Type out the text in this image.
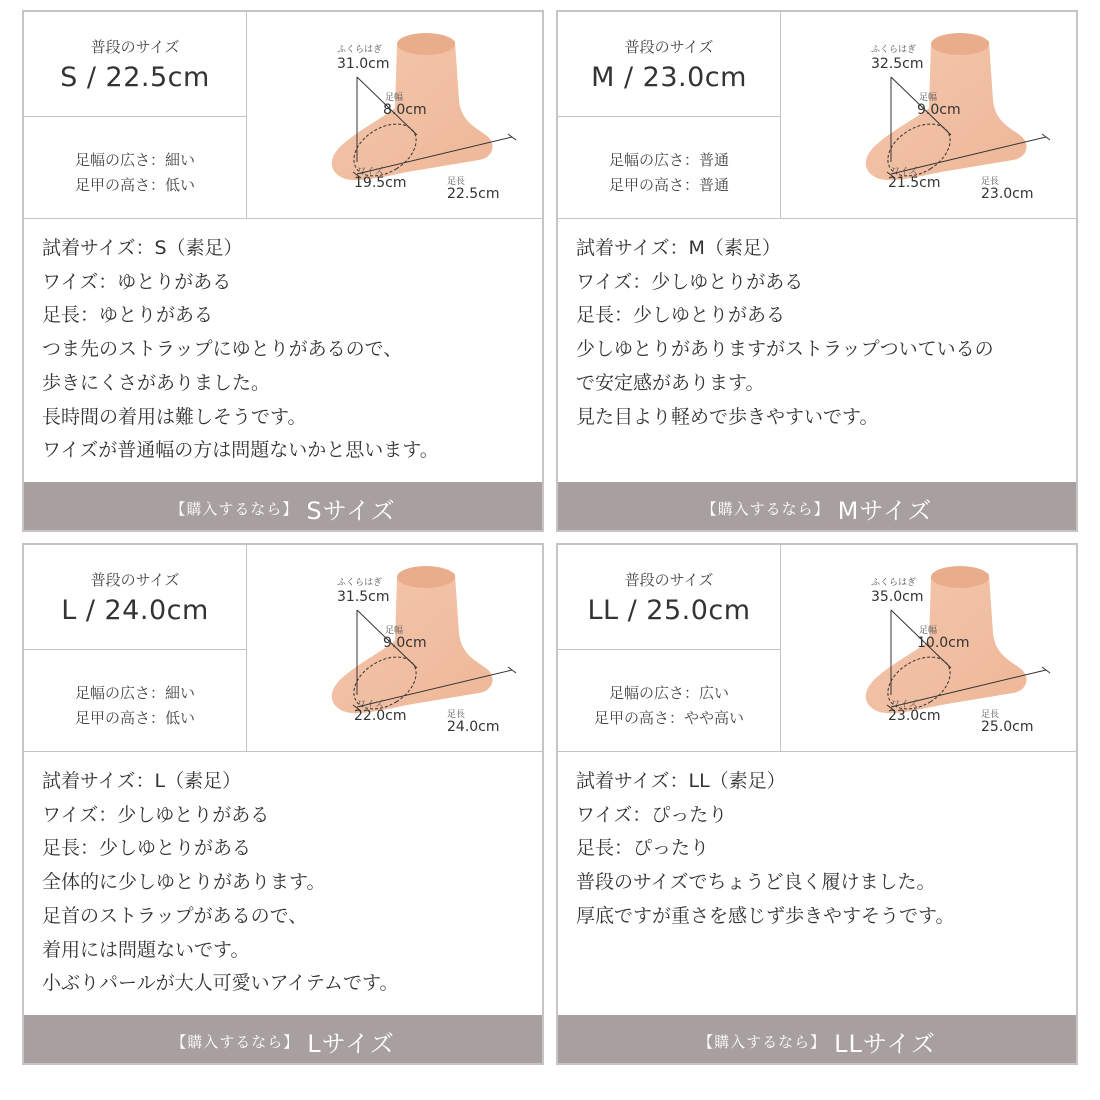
普段のサイズ
S / 22.5cm
足幅の広さ：細い
足甲の高さ：低い
ふくらはぎ
31.0cm
足幅
8.0cm
ワイズ
19.5cm	足長
22.5cm
試着サイズ：S（素足）
ワイズ：ゆとりがある
足長：ゆとりがある
つま先のストラップにゆとりがあるので、
歩きにくさがありました。
長時間の着用は難しそうです。
ワイズが普通幅の方は問題ないかと思います。
【購入するなら】 Sサイズ
普段のサイズ
M / 23.0cm
足幅の広さ：普通
足甲の高さ：普通
ふくらはぎ
32.5cm
足幅
9.0cm
ワイズ
21.5cm	足長
23.0cm
試着サイズ：M（素足）
ワイズ：少しゆとりがある
足長：少しゆとりがある
少しゆとりがありますがストラップついているの
で安定感があります。
見た目より軽めで歩きやすいです。
【購入するなら】 Mサイズ
普段のサイズ
L / 24.0cm
足幅の広さ：細い
足甲の高さ：低い
ふくらはぎ
31.5cm
足幅
9.0cm
ワイズ
22.0cm	足長
24.0cm
試着サイズ：L（素足）
ワイズ：少しゆとりがある
足長：少しゆとりがある
全体的に少しゆとりがあります。
足首のストラップがあるので、
着用には問題ないです。
小ぶりパールが大人可愛いアイテムです。
【購入するなら】 Lサイズ
普段のサイズ
LL / 25.0cm
足幅の広さ：広い
足甲の高さ：やや高い
ふくらはぎ
35.0cm
足幅
10.0cm
ワイズ
23.0cm	足長
25.0cm
試着サイズ：LL（素足）
ワイズ：ぴったり
足長：ぴったり
普段のサイズでちょうど良く履けました。
厚底ですが重さを感じず歩きやすそうです。
【購入するなら】 LLサイズ
